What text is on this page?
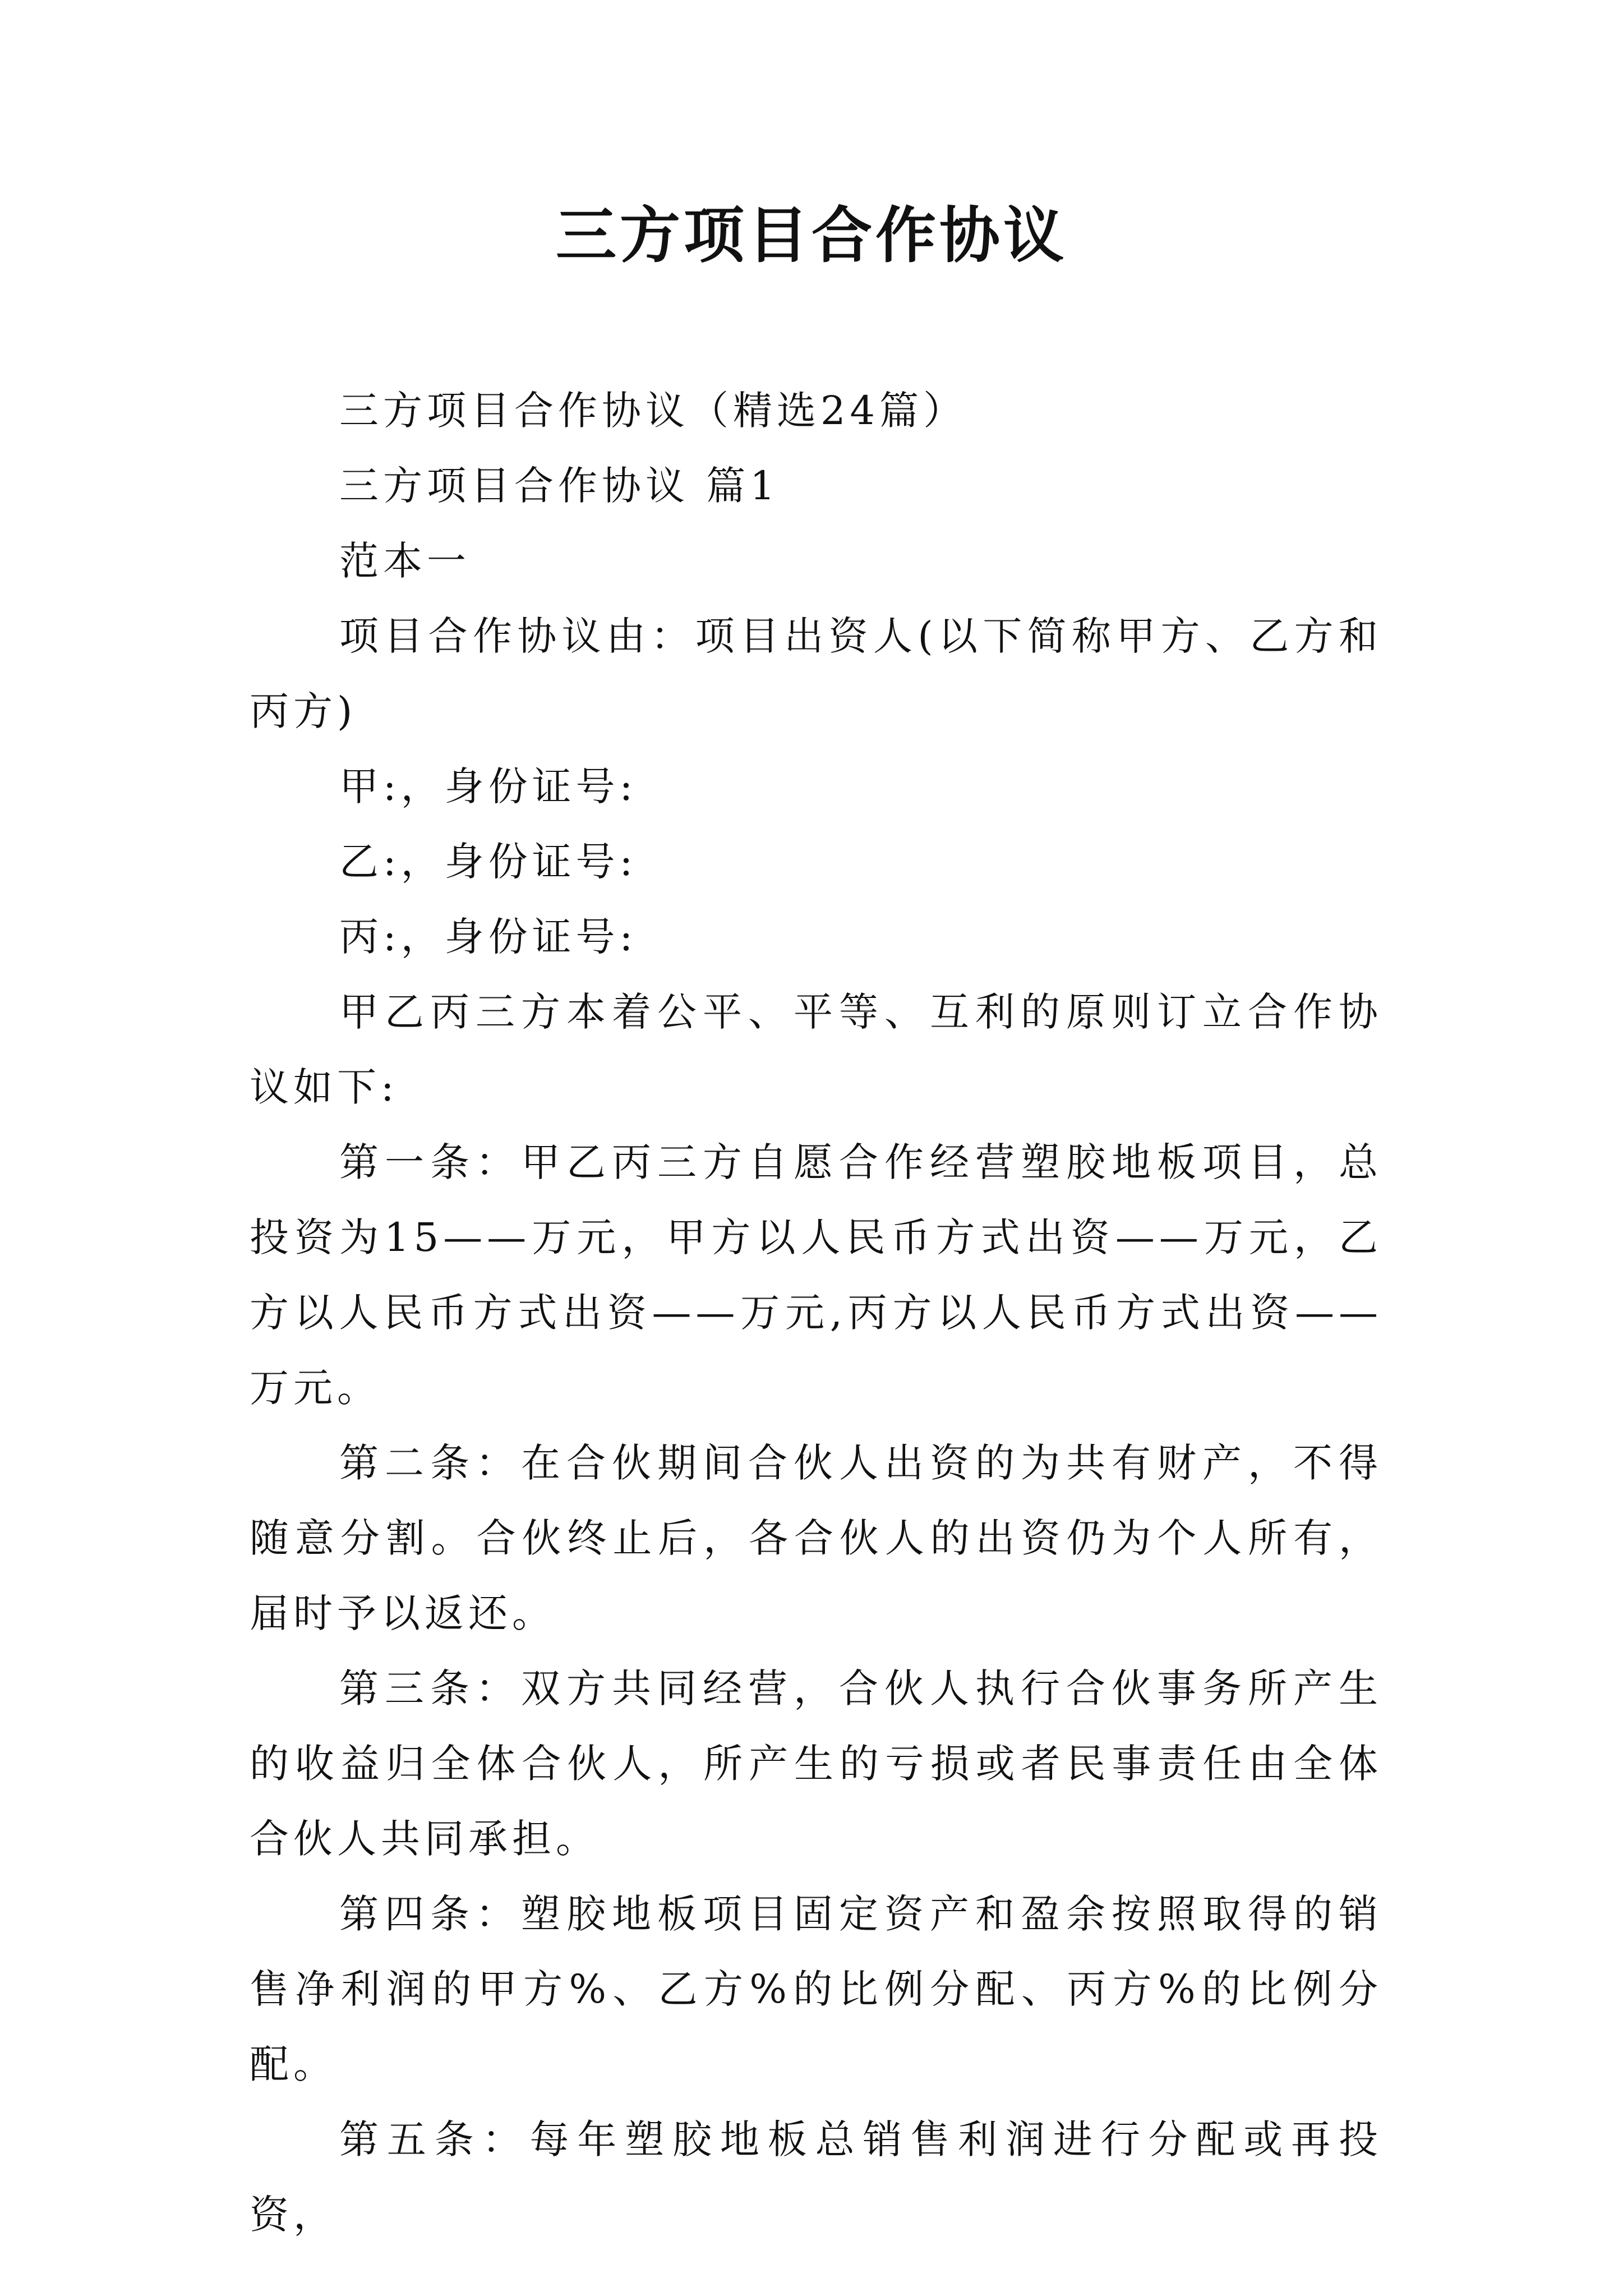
三方项目合作协议

三方项目合作协议（精选24篇）

三方项目合作协议 篇1

范本一

项目合作协议由：项目出资人(以下简称甲方、乙方和丙方)

甲:，身份证号:

乙:，身份证号:

丙:，身份证号:

甲乙丙三方本着公平、平等、互利的原则订立合作协议如下:

第一条：甲乙丙三方自愿合作经营塑胶地板项目，总投资为15——万元，甲方以人民币方式出资——万元，乙方以人民币方式出资——万元,丙方以人民币方式出资——万元。

第二条：在合伙期间合伙人出资的为共有财产，不得随意分割。合伙终止后，各合伙人的出资仍为个人所有，届时予以返还。

第三条：双方共同经营，合伙人执行合伙事务所产生的收益归全体合伙人，所产生的亏损或者民事责任由全体合伙人共同承担。

第四条：塑胶地板项目固定资产和盈余按照取得的销售净利润的甲方%、乙方%的比例分配、丙方%的比例分配。

第五条：每年塑胶地板总销售利润进行分配或再投资，
